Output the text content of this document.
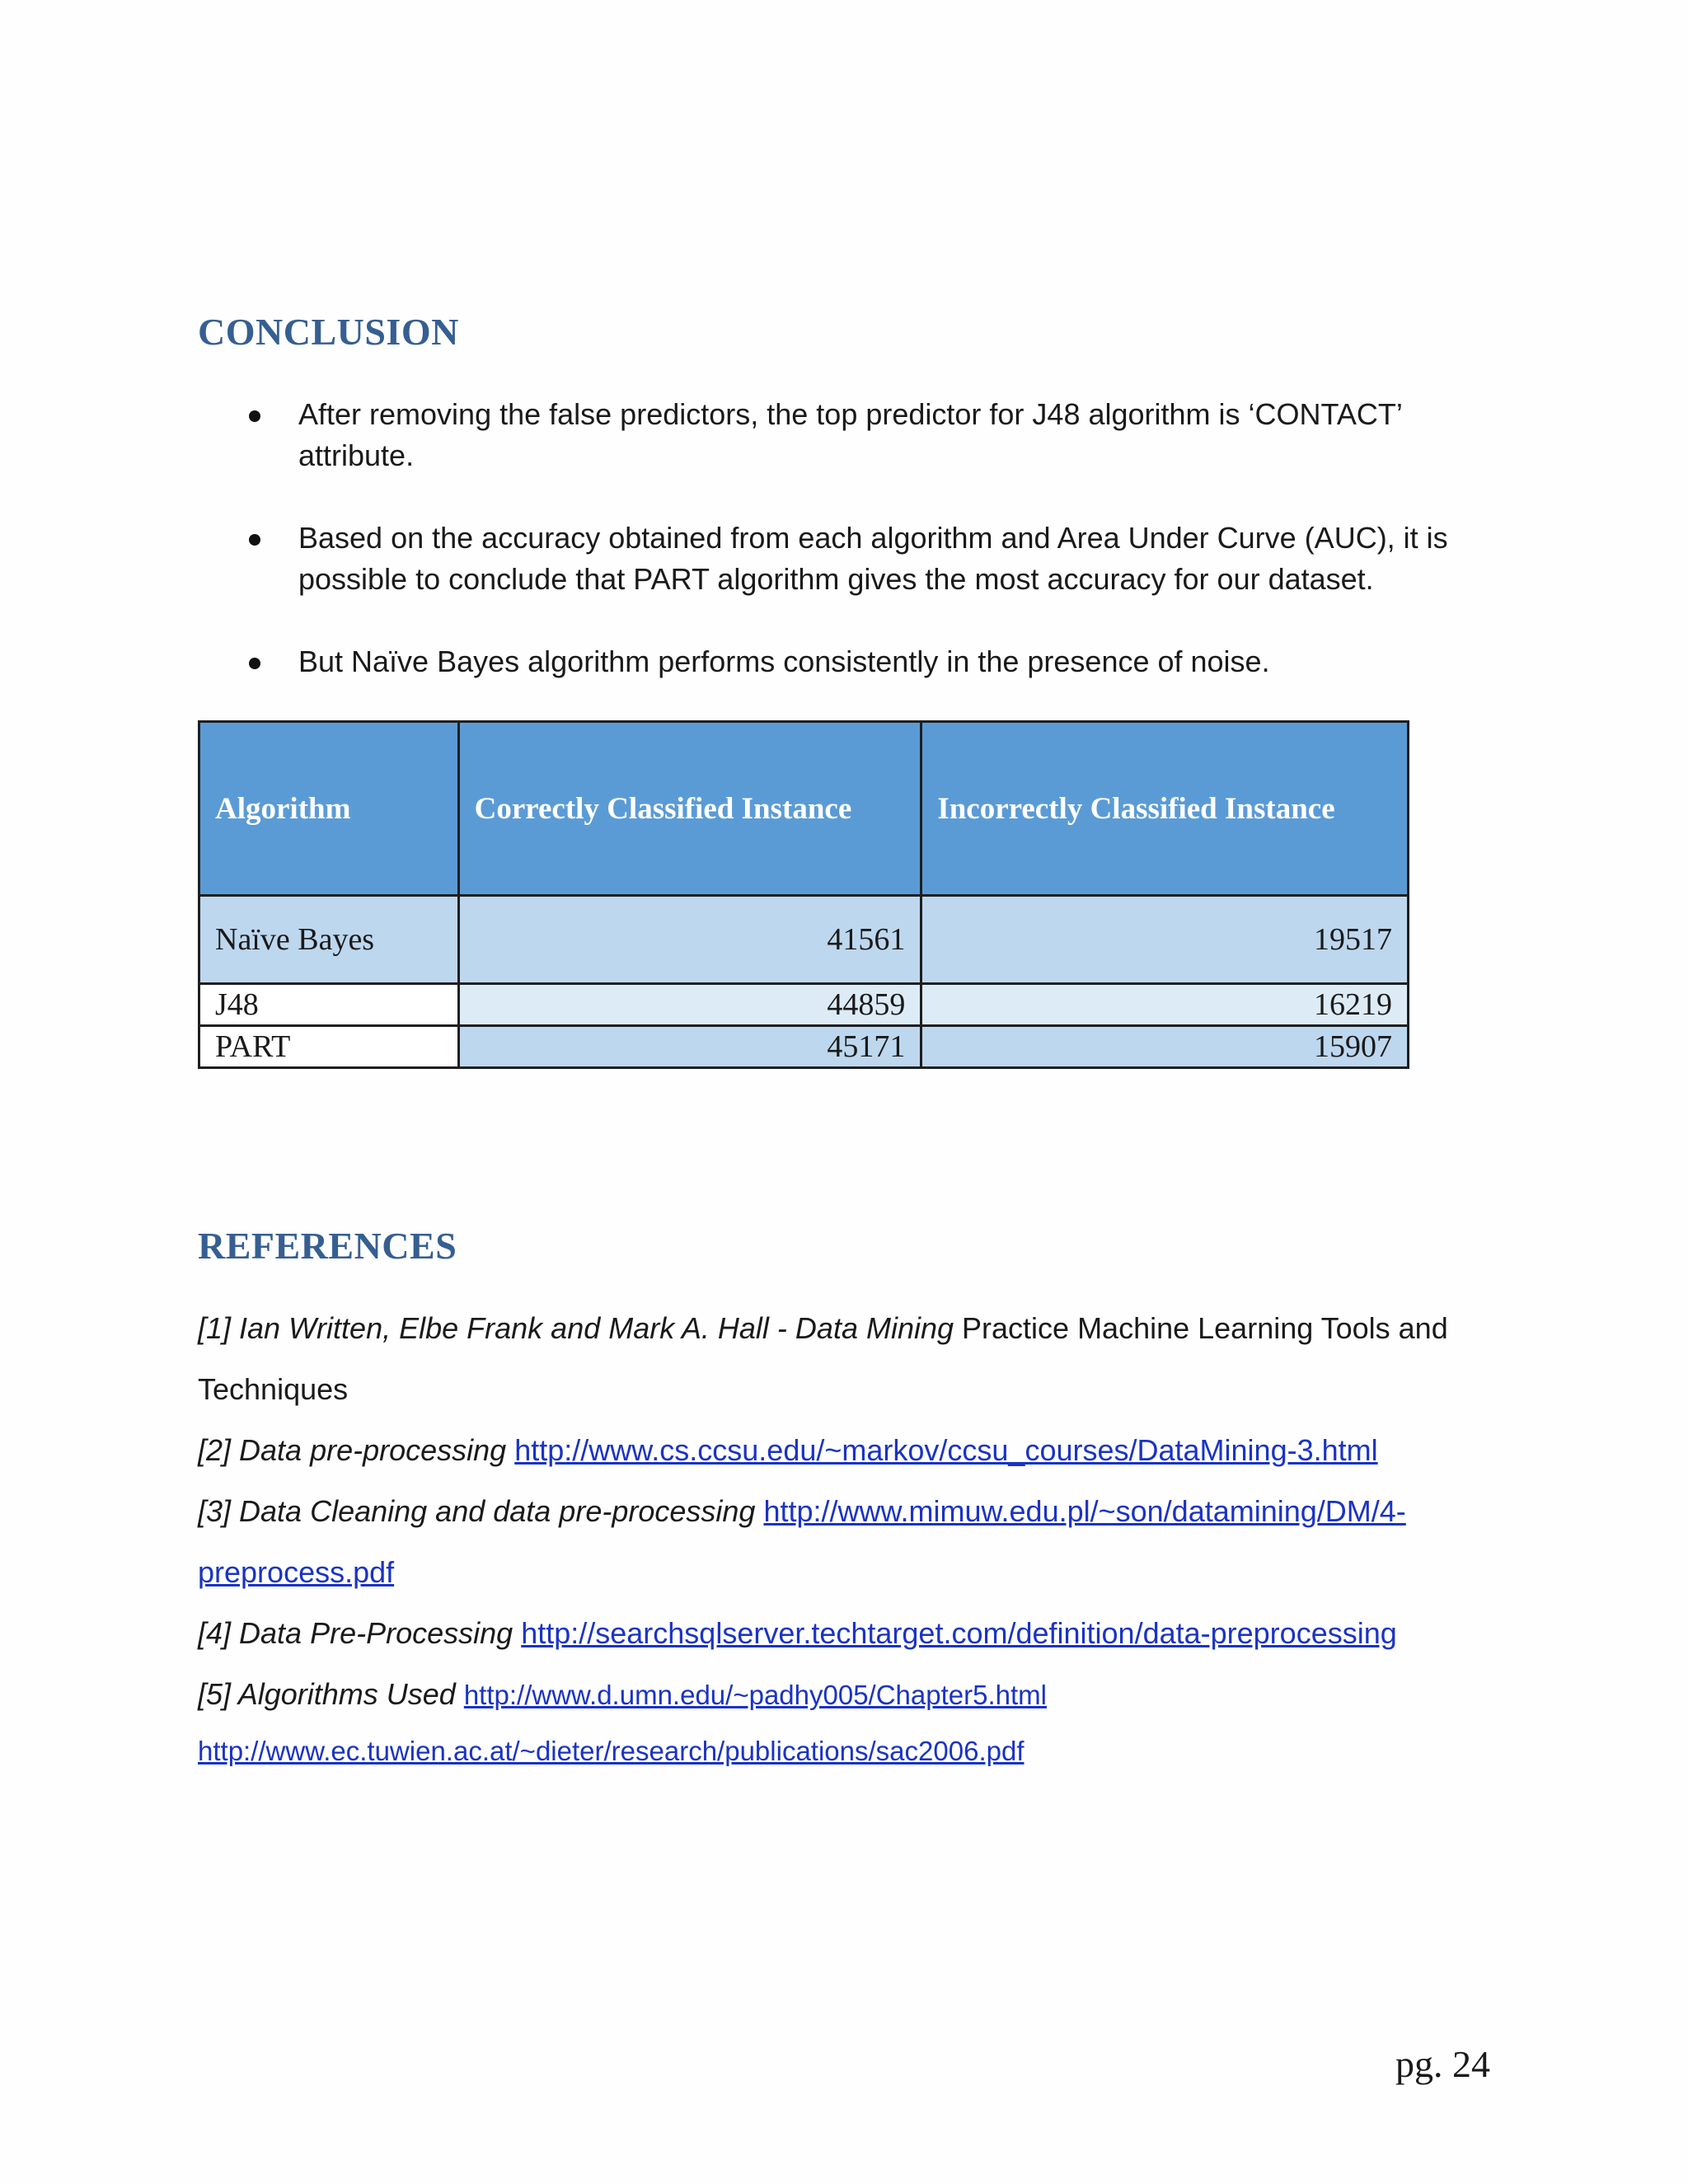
CONCLUSION
After removing the false predictors, the top predictor for J48 algorithm is ‘CONTACT’ attribute.
Based on the accuracy obtained from each algorithm and Area Under Curve (AUC), it is possible to conclude that PART algorithm gives the most accuracy for our dataset.
But Naïve Bayes algorithm performs consistently in the presence of noise.
Algorithm	Correctly Classified Instance	Incorrectly Classified Instance
Naïve Bayes	41561	19517
J48	44859	16219
PART	45171	15907
REFERENCES

[1] Ian Written, Elbe Frank and Mark A. Hall - Data Mining Practice Machine Learning Tools and

Techniques

[2] Data pre-processing http://www.cs.ccsu.edu/~markov/ccsu_courses/DataMining-3.html

[3] Data Cleaning and data pre-processing http://www.mimuw.edu.pl/~son/datamining/DM/4-

preprocess.pdf

[4] Data Pre-Processing http://searchsqlserver.techtarget.com/definition/data-preprocessing

[5] Algorithms Used http://www.d.umn.edu/~padhy005/Chapter5.html

http://www.ec.tuwien.ac.at/~dieter/research/publications/sac2006.pdf

pg. 24
